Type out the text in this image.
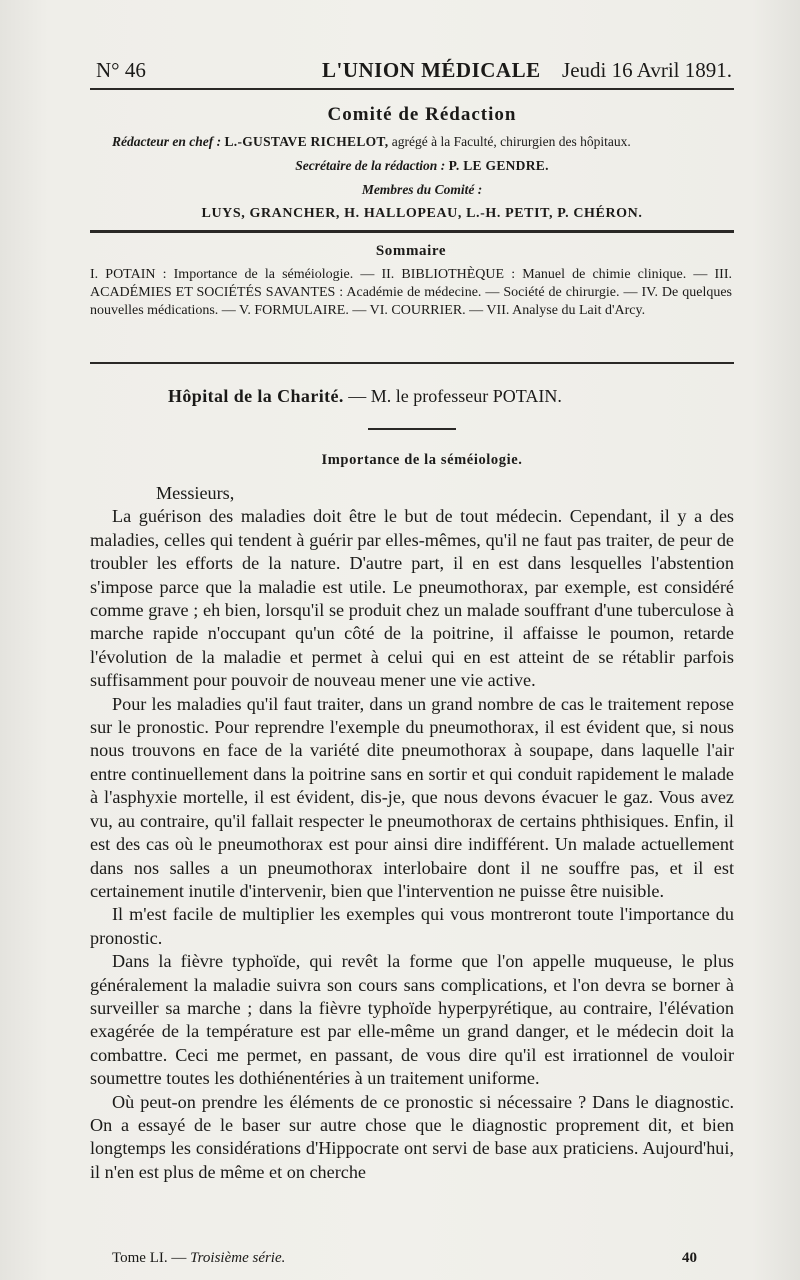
N° 46	L'UNION MÉDICALE Jeudi 16 Avril 1891.
Comité de Rédaction
Rédacteur en chef : L.-GUSTAVE RICHELOT, agrégé à la Faculté, chirurgien des hôpitaux.
Secrétaire de la rédaction : P. LE GENDRE.
Membres du Comité :
LUYS, GRANCHER, H. HALLOPEAU, L.-H. PETIT, P. CHÉRON.
Sommaire

I. POTAIN : Importance de la séméiologie. — II. BIBLIOTHÈQUE : Manuel de chimie clinique. — III. ACADÉMIES ET SOCIÉTÉS SAVANTES : Académie de médecine. — Société de chirurgie. — IV. De quelques nouvelles médications. — V. FORMULAIRE. — VI. COURRIER. — VII. Analyse du Lait d'Arcy.

Hôpital de la Charité. — M. le professeur POTAIN.
Importance de la séméiologie.

Messieurs,

La guérison des maladies doit être le but de tout médecin. Cependant, il y a des maladies, celles qui tendent à guérir par elles-mêmes, qu'il ne faut pas traiter, de peur de troubler les efforts de la nature. D'autre part, il en est dans lesquelles l'abstention s'impose parce que la maladie est utile. Le pneumothorax, par exemple, est considéré comme grave ; eh bien, lorsqu'il se produit chez un malade souffrant d'une tuberculose à marche rapide n'occupant qu'un côté de la poitrine, il affaisse le poumon, retarde l'évolution de la maladie et permet à celui qui en est atteint de se rétablir parfois suffisamment pour pouvoir de nouveau mener une vie active.

Pour les maladies qu'il faut traiter, dans un grand nombre de cas le traitement repose sur le pronostic. Pour reprendre l'exemple du pneumothorax, il est évident que, si nous nous trouvons en face de la variété dite pneumothorax à soupape, dans laquelle l'air entre continuellement dans la poitrine sans en sortir et qui conduit rapidement le malade à l'asphyxie mortelle, il est évident, dis-je, que nous devons évacuer le gaz. Vous avez vu, au contraire, qu'il fallait respecter le pneumothorax de certains phthisiques. Enfin, il est des cas où le pneumothorax est pour ainsi dire indifférent. Un malade actuellement dans nos salles a un pneumothorax interlobaire dont il ne souffre pas, et il est certainement inutile d'intervenir, bien que l'intervention ne puisse être nuisible.

Il m'est facile de multiplier les exemples qui vous montreront toute l'importance du pronostic.

Dans la fièvre typhoïde, qui revêt la forme que l'on appelle muqueuse, le plus généralement la maladie suivra son cours sans complications, et l'on devra se borner à surveiller sa marche ; dans la fièvre typhoïde hyperpyrétique, au contraire, l'élévation exagérée de la température est par elle-même un grand danger, et le médecin doit la combattre. Ceci me permet, en passant, de vous dire qu'il est irrationnel de vouloir soumettre toutes les dothiénentéries à un traitement uniforme.

Où peut-on prendre les éléments de ce pronostic si nécessaire ? Dans le diagnostic. On a essayé de le baser sur autre chose que le diagnostic proprement dit, et bien longtemps les considérations d'Hippocrate ont servi de base aux praticiens. Aujourd'hui, il n'en est plus de même et on cherche

Tome LI. — Troisième série.	40
